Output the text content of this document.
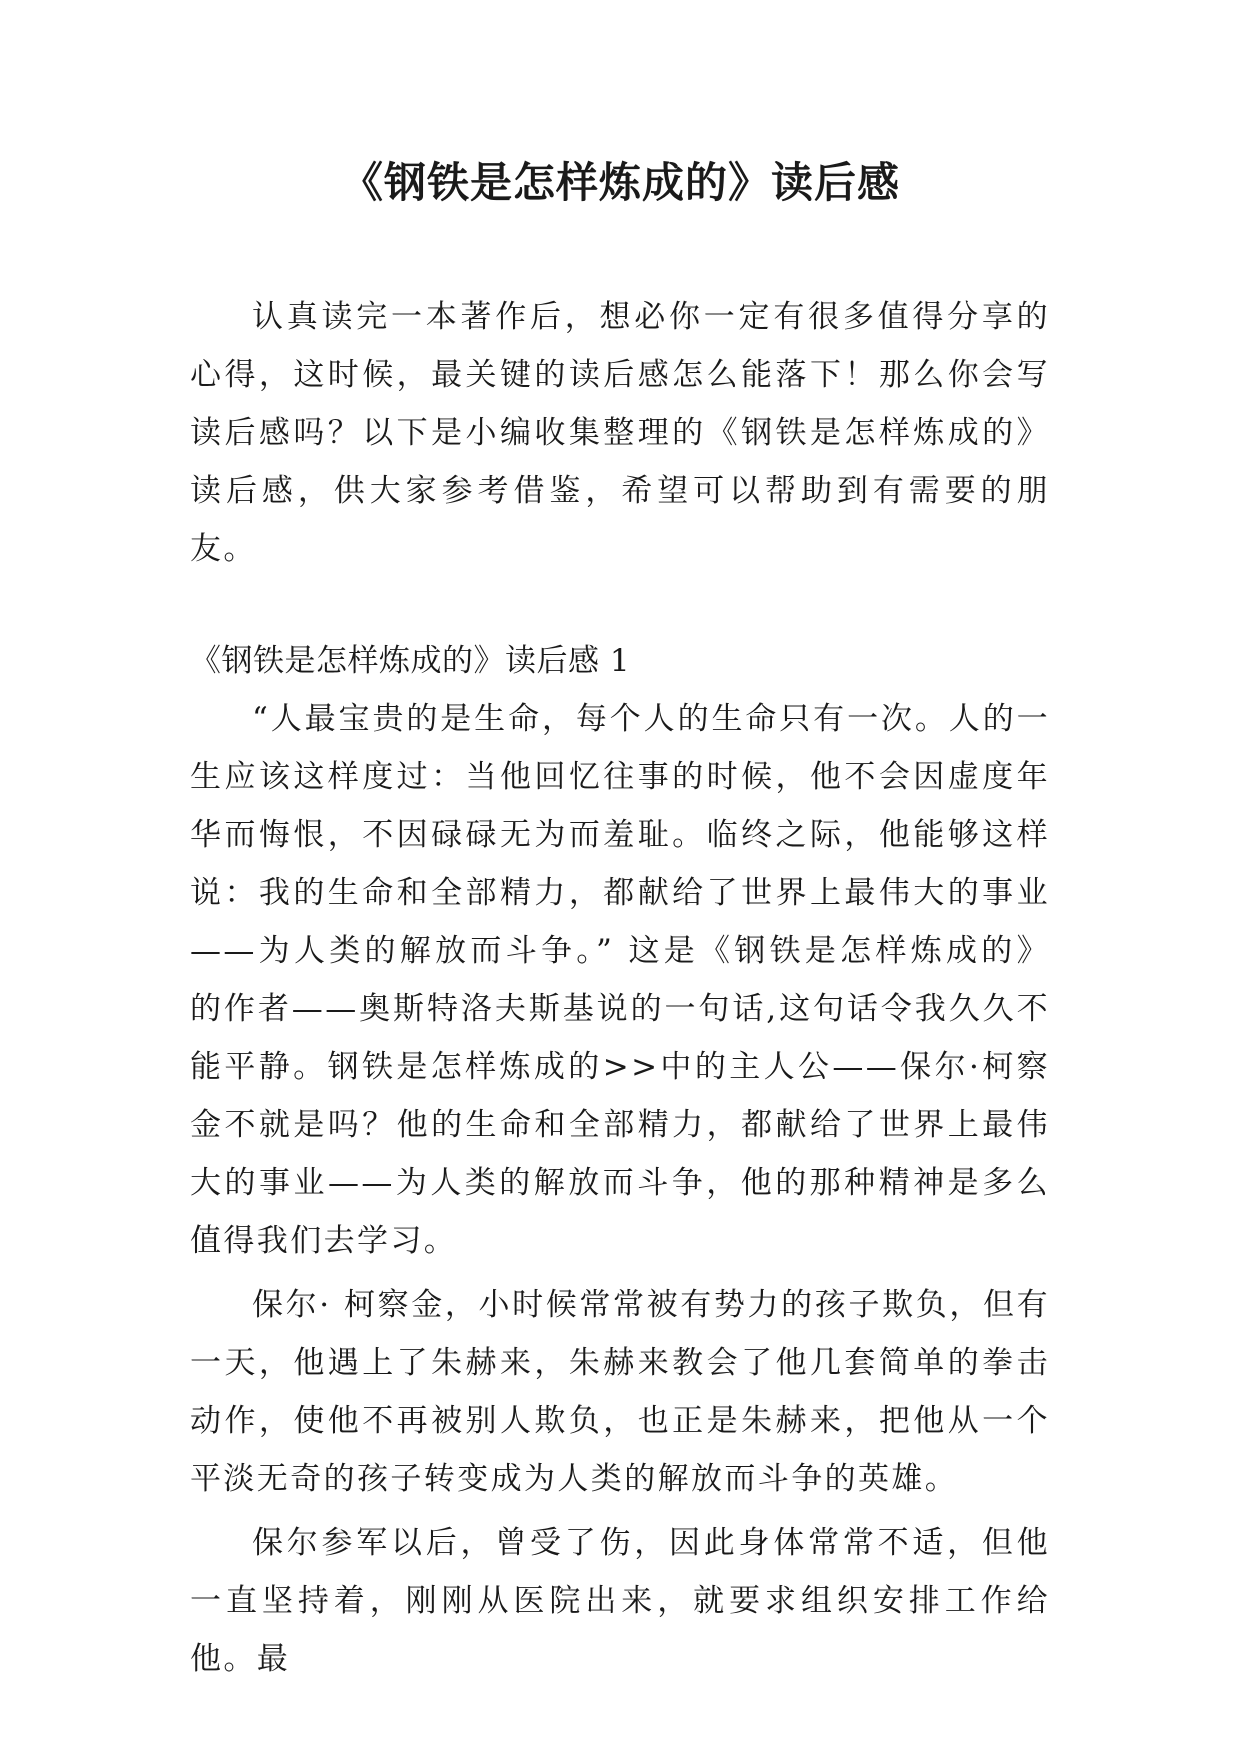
《钢铁是怎样炼成的》读后感

认真读完一本著作后，想必你一定有很多值得分享的心得，这时候，最关键的读后感怎么能落下！那么你会写读后感吗？以下是小编收集整理的《钢铁是怎样炼成的》读后感，供大家参考借鉴，希望可以帮助到有需要的朋友。

《钢铁是怎样炼成的》读后感 1

“人最宝贵的是生命，每个人的生命只有一次。人的一生应该这样度过：当他回忆往事的时候，他不会因虚度年华而悔恨，不因碌碌无为而羞耻。临终之际，他能够这样说：我的生命和全部精力，都献给了世界上最伟大的事业——为人类的解放而斗争。” 这是《钢铁是怎样炼成的》 的作者——奥斯特洛夫斯基说的一句话,这句话令我久久不能平静。钢铁是怎样炼成的>>中的主人公——保尔·柯察金不就是吗？他的生命和全部精力，都献给了世界上最伟大的事业——为人类的解放而斗争，他的那种精神是多么值得我们去学习。

保尔· 柯察金，小时候常常被有势力的孩子欺负，但有一天，他遇上了朱赫来，朱赫来教会了他几套简单的拳击动作，使他不再被别人欺负，也正是朱赫来，把他从一个平淡无奇的孩子转变成为人类的解放而斗争的英雄。

保尔参军以后，曾受了伤，因此身体常常不适，但他一直坚持着，刚刚从医院出来，就要求组织安排工作给他。最
